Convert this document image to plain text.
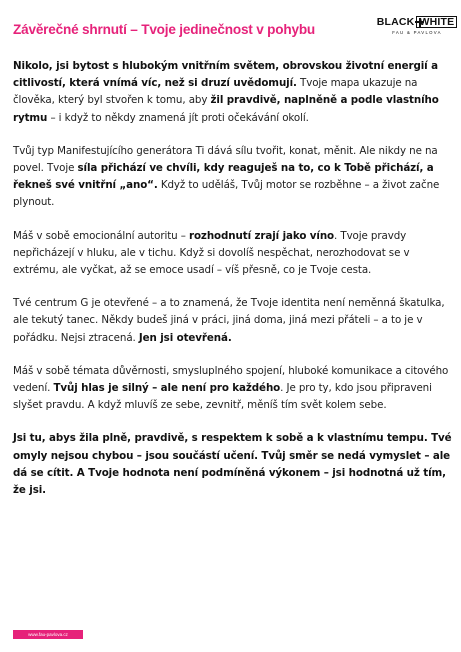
Závěrečné shrnutí – Tvoje jedinečnost v pohybu	BLACK WHITE
FAU & PAVLOVA

Nikolo, jsi bytost s hlubokým vnitřním světem, obrovskou životní energií a citlivostí, která vnímá víc, než si druzí uvědomují. Tvoje mapa ukazuje na člověka, který byl stvořen k tomu, aby žil pravdivě, naplněně a podle vlastního rytmu – i když to někdy znamená jít proti očekávání okolí.

Tvůj typ Manifestujícího generátora Ti dává sílu tvořit, konat, měnit. Ale nikdy ne na povel. Tvoje síla přichází ve chvíli, kdy reaguješ na to, co k Tobě přichází, a řekneš své vnitřní „ano“. Když to uděláš, Tvůj motor se rozběhne – a život začne plynout.

Máš v sobě emocionální autoritu – rozhodnutí zrají jako víno. Tvoje pravdy nepřicházejí v hluku, ale v tichu. Když si dovolíš nespěchat, nerozhodovat se v extrému, ale vyčkat, až se emoce usadí – víš přesně, co je Tvoje cesta.

Tvé centrum G je otevřené – a to znamená, že Tvoje identita není neměnná škatulka, ale tekutý tanec. Někdy budeš jiná v práci, jiná doma, jiná mezi přáteli – a to je v pořádku. Nejsi ztracená. Jen jsi otevřená.

Máš v sobě témata důvěrnosti, smysluplného spojení, hluboké komunikace a citového vedení. Tvůj hlas je silný – ale není pro každého. Je pro ty, kdo jsou připraveni slyšet pravdu. A když mluvíš ze sebe, zevnitř, měníš tím svět kolem sebe.

Jsi tu, abys žila plně, pravdivě, s respektem k sobě a k vlastnímu tempu. Tvé omyly nejsou chybou – jsou součástí učení. Tvůj směr se nedá vymyslet – ale dá se cítit. A Tvoje hodnota není podmíněná výkonem – jsi hodnotná už tím, že jsi.

www.fau-pavlova.cz
